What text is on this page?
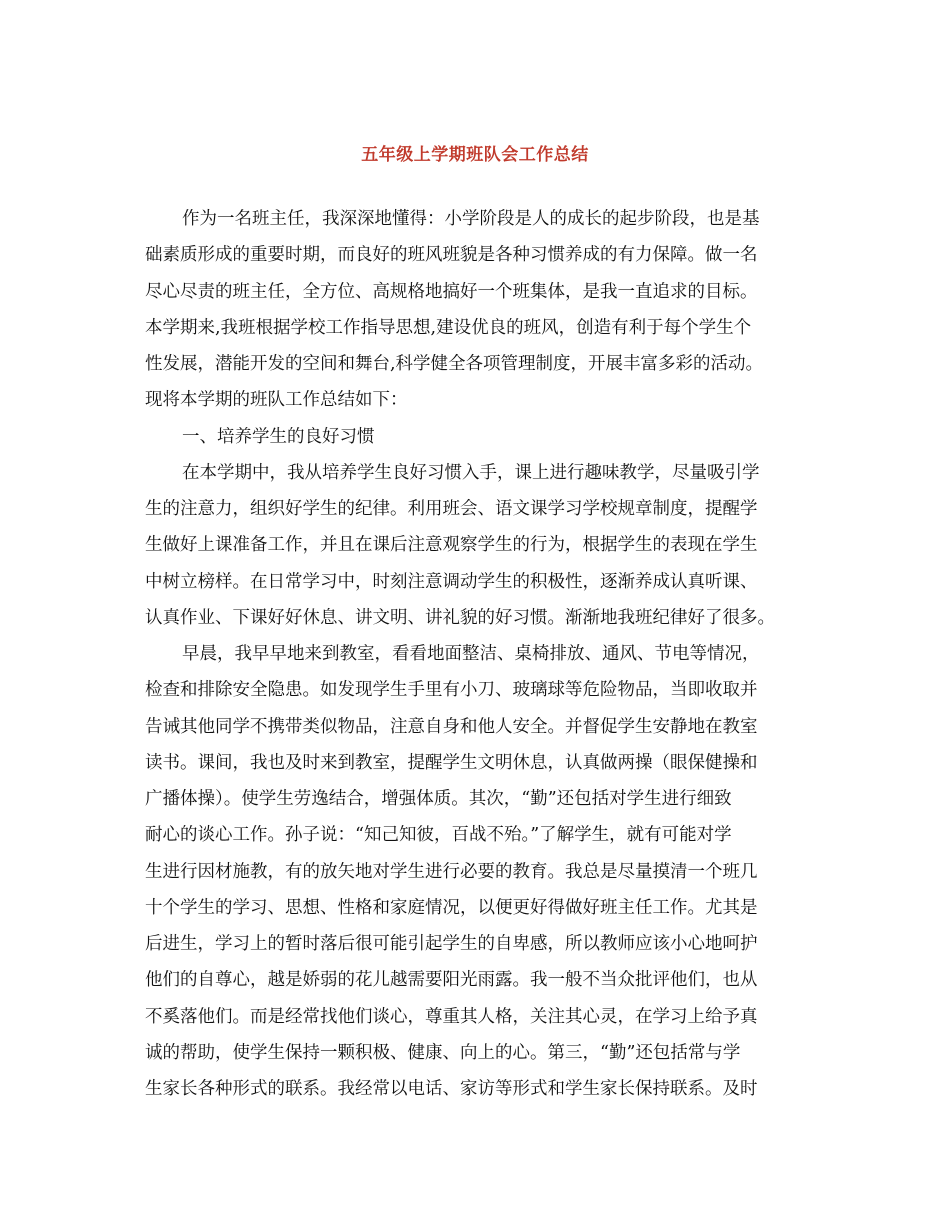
五年级上学期班队会工作总结
作为一名班主任，我深深地懂得：小学阶段是人的成长的起步阶段，也是基
础素质形成的重要时期，而良好的班风班貌是各种习惯养成的有力保障。做一名
尽心尽责的班主任，全方位、高规格地搞好一个班集体，是我一直追求的目标。
本学期来,我班根据学校工作指导思想,建设优良的班风，创造有利于每个学生个
性发展，潜能开发的空间和舞台,科学健全各项管理制度，开展丰富多彩的活动。
现将本学期的班队工作总结如下：
一、培养学生的良好习惯
在本学期中，我从培养学生良好习惯入手，课上进行趣味教学，尽量吸引学
生的注意力，组织好学生的纪律。利用班会、语文课学习学校规章制度，提醒学
生做好上课准备工作，并且在课后注意观察学生的行为，根据学生的表现在学生
中树立榜样。在日常学习中，时刻注意调动学生的积极性，逐渐养成认真听课、
认真作业、下课好好休息、讲文明、讲礼貌的好习惯。渐渐地我班纪律好了很多。
早晨，我早早地来到教室，看看地面整洁、桌椅排放、通风、节电等情况，
检查和排除安全隐患。如发现学生手里有小刀、玻璃球等危险物品，当即收取并
告诫其他同学不携带类似物品，注意自身和他人安全。并督促学生安静地在教室
读书。课间，我也及时来到教室，提醒学生文明休息，认真做两操（眼保健操和
广播体操）。使学生劳逸结合，增强体质。其次，“勤”还包括对学生进行细致
耐心的谈心工作。孙子说：“知己知彼，百战不殆。”了解学生，就有可能对学
生进行因材施教，有的放矢地对学生进行必要的教育。我总是尽量摸清一个班几
十个学生的学习、思想、性格和家庭情况，以便更好得做好班主任工作。尤其是
后进生，学习上的暂时落后很可能引起学生的自卑感，所以教师应该小心地呵护
他们的自尊心，越是娇弱的花儿越需要阳光雨露。我一般不当众批评他们，也从
不奚落他们。而是经常找他们谈心，尊重其人格，关注其心灵，在学习上给予真
诚的帮助，使学生保持一颗积极、健康、向上的心。第三，“勤”还包括常与学
生家长各种形式的联系。我经常以电话、家访等形式和学生家长保持联系。及时
